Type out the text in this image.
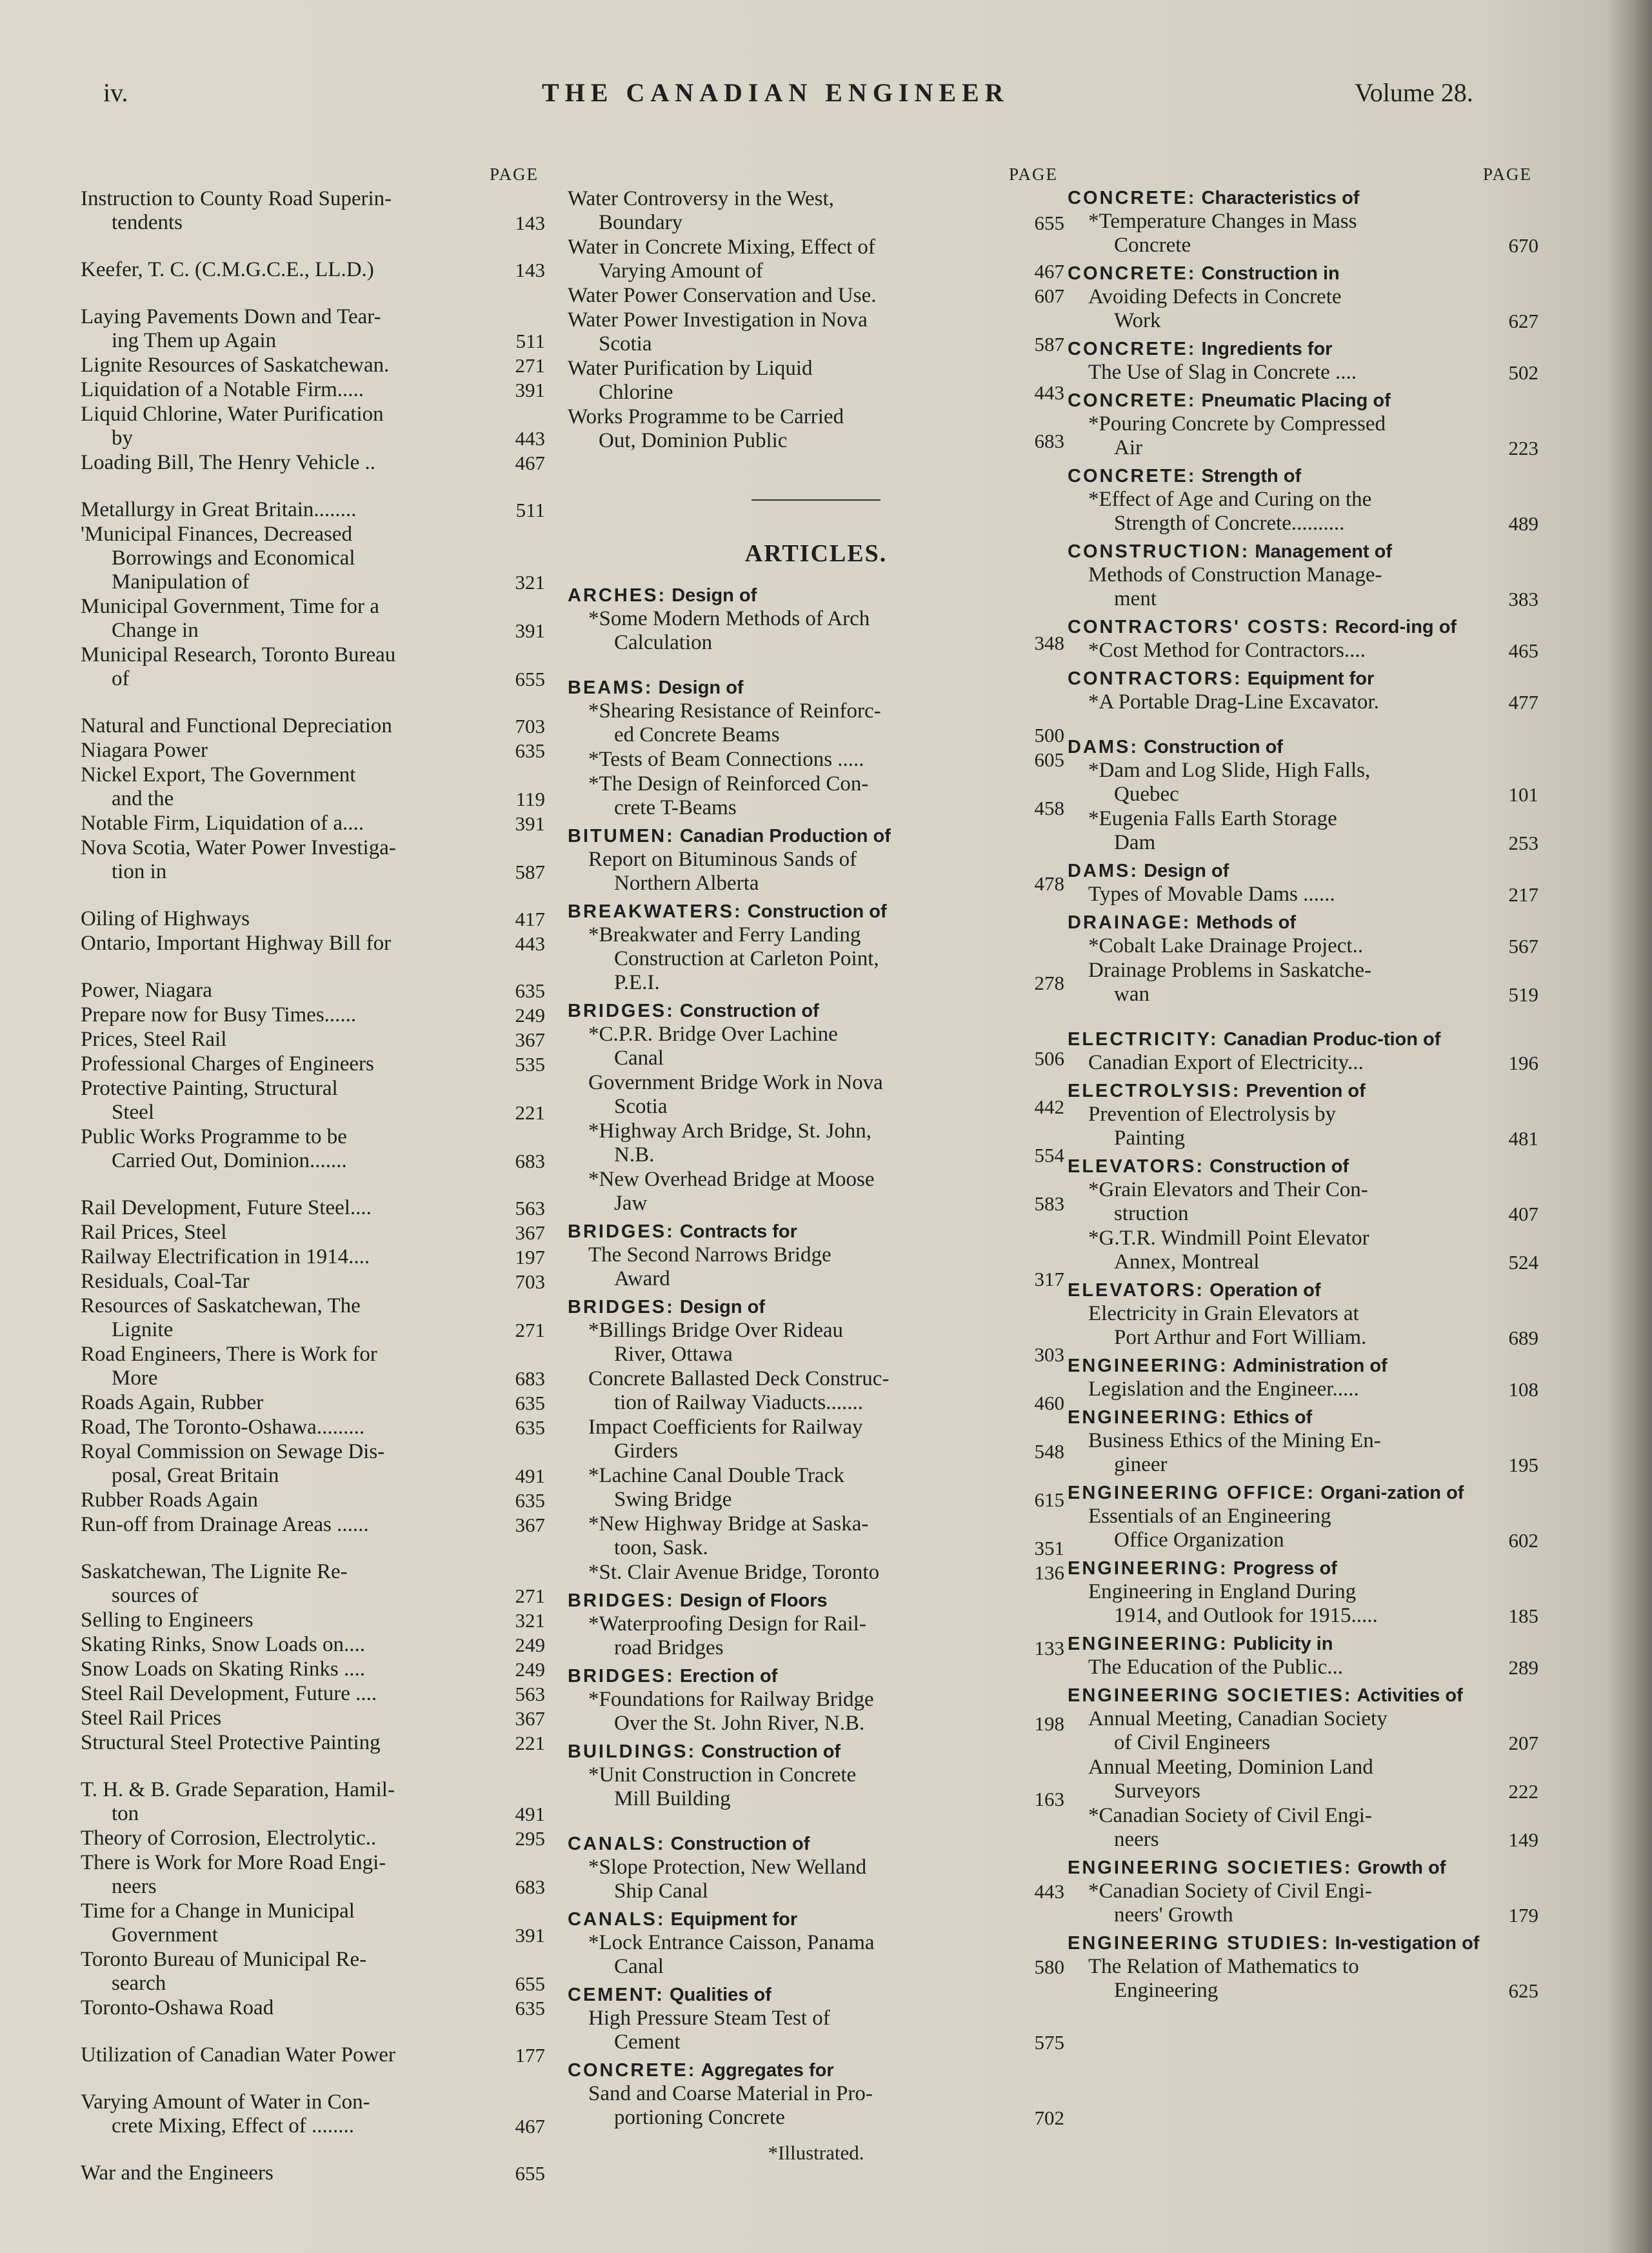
iv.	THE CANADIAN ENGINEER	Volume 28.
PAGE
Instruction to County Road Superin-
tendents	143
Keefer, T. C. (C.M.G.C.E., LL.D.)	143
Laying Pavements Down and Tear-
ing Them up Again	511
Lignite Resources of Saskatchewan.	271
Liquidation of a Notable Firm.....	391
Liquid Chlorine, Water Purification
by	443
Loading Bill, The Henry Vehicle ..	467
Metallurgy in Great Britain........	511
'Municipal Finances, Decreased
Borrowings and Economical
Manipulation of	321
Municipal Government, Time for a
Change in	391
Municipal Research, Toronto Bureau
of	655
Natural and Functional Depreciation	703
Niagara Power	635
Nickel Export, The Government
and the	119
Notable Firm, Liquidation of a....	391
Nova Scotia, Water Power Investiga-
tion in	587
Oiling of Highways	417
Ontario, Important Highway Bill for	443
Power, Niagara	635
Prepare now for Busy Times......	249
Prices, Steel Rail	367
Professional Charges of Engineers	535
Protective Painting, Structural
Steel	221
Public Works Programme to be
Carried Out, Dominion.......	683
Rail Development, Future Steel....	563
Rail Prices, Steel	367
Railway Electrification in 1914....	197
Residuals, Coal-Tar	703
Resources of Saskatchewan, The
Lignite	271
Road Engineers, There is Work for
More	683
Roads Again, Rubber	635
Road, The Toronto-Oshawa.........	635
Royal Commission on Sewage Dis-
posal, Great Britain	491
Rubber Roads Again	635
Run-off from Drainage Areas ......	367
Saskatchewan, The Lignite Re-
sources of	271
Selling to Engineers	321
Skating Rinks, Snow Loads on....	249
Snow Loads on Skating Rinks ....	249
Steel Rail Development, Future ....	563
Steel Rail Prices	367
Structural Steel Protective Painting	221
T. H. & B. Grade Separation, Hamil-
ton	491
Theory of Corrosion, Electrolytic..	295
There is Work for More Road Engi-
neers	683
Time for a Change in Municipal
Government	391
Toronto Bureau of Municipal Re-
search	655
Toronto-Oshawa Road	635
Utilization of Canadian Water Power	177
Varying Amount of Water in Con-
crete Mixing, Effect of ........	467
War and the Engineers	655
PAGE
Water Controversy in the West,
Boundary	655
Water in Concrete Mixing, Effect of
Varying Amount of	467
Water Power Conservation and Use.	607
Water Power Investigation in Nova
Scotia	587
Water Purification by Liquid
Chlorine	443
Works Programme to be Carried
Out, Dominion Public	683
ARTICLES.
ARCHES: Design of
*Some Modern Methods of Arch
Calculation	348
BEAMS: Design of
*Shearing Resistance of Reinforc-
ed Concrete Beams	500
*Tests of Beam Connections .....	605
*The Design of Reinforced Con-
crete T-Beams	458
BITUMEN: Canadian Production of
Report on Bituminous Sands of
Northern Alberta	478
BREAKWATERS: Construction of
*Breakwater and Ferry Landing
Construction at Carleton Point,
P.E.I.	278
BRIDGES: Construction of
*C.P.R. Bridge Over Lachine
Canal	506
Government Bridge Work in Nova
Scotia	442
*Highway Arch Bridge, St. John,
N.B.	554
*New Overhead Bridge at Moose
Jaw	583
BRIDGES: Contracts for
The Second Narrows Bridge
Award	317
BRIDGES: Design of
*Billings Bridge Over Rideau
River, Ottawa	303
Concrete Ballasted Deck Construc-
tion of Railway Viaducts.......	460
Impact Coefficients for Railway
Girders	548
*Lachine Canal Double Track
Swing Bridge	615
*New Highway Bridge at Saska-
toon, Sask.	351
*St. Clair Avenue Bridge, Toronto	136
BRIDGES: Design of Floors
*Waterproofing Design for Rail-
road Bridges	133
BRIDGES: Erection of
*Foundations for Railway Bridge
Over the St. John River, N.B.	198
BUILDINGS: Construction of
*Unit Construction in Concrete
Mill Building	163
CANALS: Construction of
*Slope Protection, New Welland
Ship Canal	443
CANALS: Equipment for
*Lock Entrance Caisson, Panama
Canal	580
CEMENT: Qualities of
High Pressure Steam Test of
Cement	575
CONCRETE: Aggregates for
Sand and Coarse Material in Pro-
portioning Concrete	702
*Illustrated.
PAGE
CONCRETE: Characteristics of
*Temperature Changes in Mass
Concrete	670
CONCRETE: Construction in
Avoiding Defects in Concrete
Work	627
CONCRETE: Ingredients for
The Use of Slag in Concrete ....	502
CONCRETE: Pneumatic Placing of
*Pouring Concrete by Compressed
Air	223
CONCRETE: Strength of
*Effect of Age and Curing on the
Strength of Concrete..........	489
CONSTRUCTION: Management of
Methods of Construction Manage-
ment	383
CONTRACTORS' COSTS: Record-ing of
*Cost Method for Contractors....	465
CONTRACTORS: Equipment for
*A Portable Drag-Line Excavator.	477
DAMS: Construction of
*Dam and Log Slide, High Falls,
Quebec	101
*Eugenia Falls Earth Storage
Dam	253
DAMS: Design of
Types of Movable Dams ......	217
DRAINAGE: Methods of
*Cobalt Lake Drainage Project..	567
Drainage Problems in Saskatche-
wan	519
ELECTRICITY: Canadian Produc-tion of
Canadian Export of Electricity...	196
ELECTROLYSIS: Prevention of
Prevention of Electrolysis by
Painting	481
ELEVATORS: Construction of
*Grain Elevators and Their Con-
struction	407
*G.T.R. Windmill Point Elevator
Annex, Montreal	524
ELEVATORS: Operation of
Electricity in Grain Elevators at
Port Arthur and Fort William.	689
ENGINEERING: Administration of
Legislation and the Engineer.....	108
ENGINEERING: Ethics of
Business Ethics of the Mining En-
gineer	195
ENGINEERING OFFICE: Organi-zation of
Essentials of an Engineering
Office Organization	602
ENGINEERING: Progress of
Engineering in England During
1914, and Outlook for 1915.....	185
ENGINEERING: Publicity in
The Education of the Public...	289
ENGINEERING SOCIETIES: Activities of
Annual Meeting, Canadian Society
of Civil Engineers	207
Annual Meeting, Dominion Land
Surveyors	222
*Canadian Society of Civil Engi-
neers	149
ENGINEERING SOCIETIES: Growth of
*Canadian Society of Civil Engi-
neers' Growth	179
ENGINEERING STUDIES: In-vestigation of
The Relation of Mathematics to
Engineering	625
